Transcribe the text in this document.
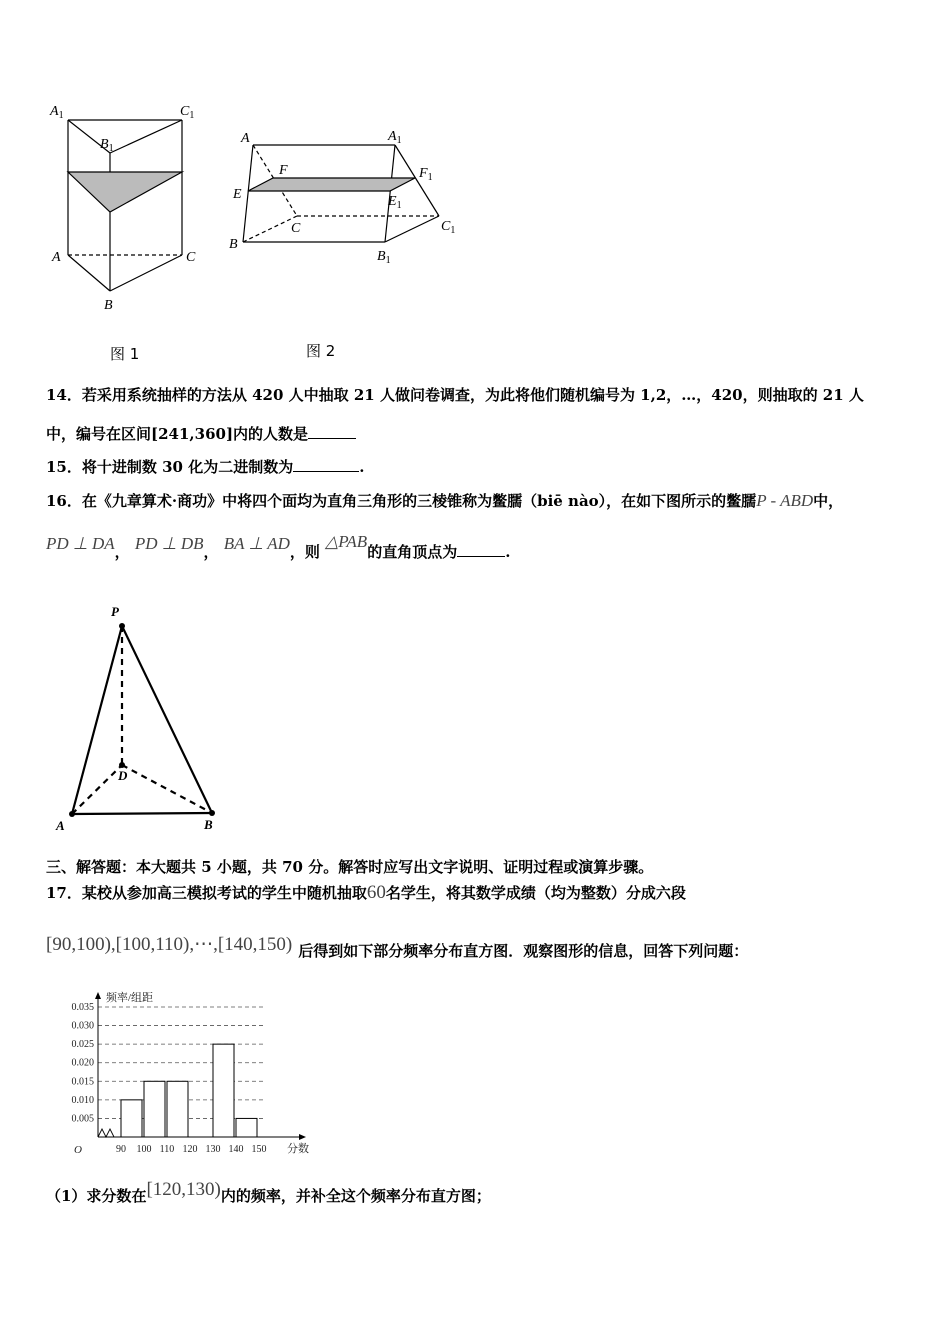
$A_1$
$B_1$
$C_1$
A	C
B
图 1
A	$A_1$
F	$F_1$
E	$E_1$
C	$C_1$
B
$B_1$
图 2
14．若采用系统抽样的方法从 420 人中抽取 21 人做问卷调查，为此将他们随机编号为 1,2，…，420，则抽取的 21 人
中，编号在区间[241,360]内的人数是
15．将十进制数 30 化为二进制数为	.
16．在《九章算术·商功》中将四个面均为直角三角形的三棱锥称为鳖臑（biē nào），在如下图所示的鳖臑P - ABD中，
PD ⊥ DA， PD ⊥ DB， BA ⊥ AD，则 △PAB的直角顶点为	.
P
D
A	B
三、解答题：本大题共 5 小题，共 70 分。解答时应写出文字说明、证明过程或演算步骤。
17．某校从参加高三模拟考试的学生中随机抽取60名学生，将其数学成绩（均为整数）分成六段
[90,100),[100,110),⋯,[140,150) 后得到如下部分频率分布直方图．观察图形的信息，回答下列问题：
0.005
0.010
0.015
0.020
0.025
0.030
0.035
90 100 110 120 130 140 150
O	分数
频率/组距
（1）求分数在[120,130)内的频率，并补全这个频率分布直方图；
